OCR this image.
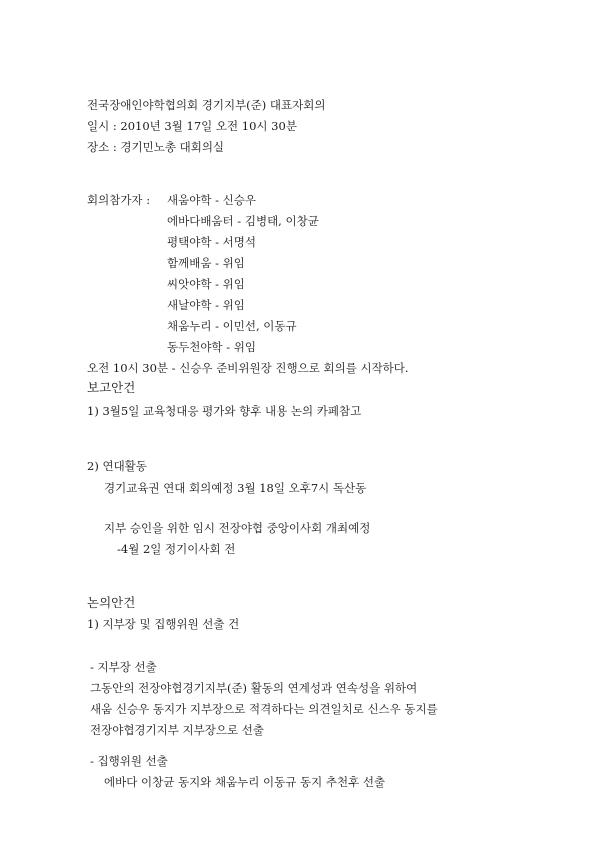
전국장애인야학협의회 경기지부(준) 대표자회의
일시 : 2010년 3월 17일 오전 10시 30분
장소 : 경기민노총 대회의실
회의참가자 : 새움야학 - 신승우
에바다배움터 - 김병태, 이창균
평택야학 - 서명석
함께배움 - 위임
씨앗야학 - 위임
새날야학 - 위임
채움누리 - 이민선, 이동규
동두천야학 - 위임
오전 10시 30분 - 신승우 준비위원장 진행으로 회의를 시작하다.
보고안건
1) 3월5일 교육청대응 평가와 향후 내용 논의 카페참고
2) 연대활동
경기교육권 연대 회의예정 3월 18일 오후7시 독산동
지부 승인을 위한 임시 전장야협 중앙이사회 개최예정
-4월 2일 정기이사회 전
논의안건
1) 지부장 및 집행위원 선출 건
- 지부장 선출
그동안의 전장야협경기지부(준) 활동의 연계성과 연속성을 위하여
새움 신승우 동지가 지부장으로 적격하다는 의견일치로 신스우 동지를
전장야협경기지부 지부장으로 선출
- 집행위원 선출
에바다 이창균 동지와 채움누리 이동규 동지 추천후 선출
